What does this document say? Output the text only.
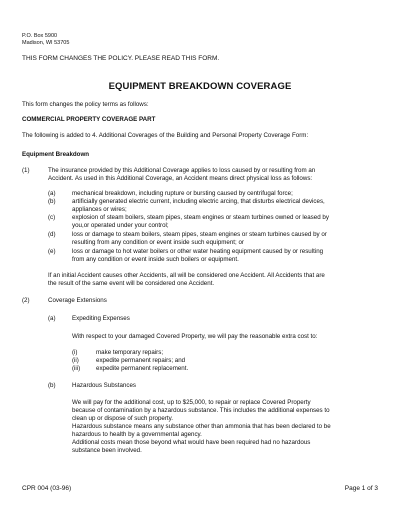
P.O. Box 5900
Madison, WI 53705
THIS FORM CHANGES THE POLICY. PLEASE READ THIS FORM.
EQUIPMENT BREAKDOWN COVERAGE
This form changes the policy terms as follows:
COMMERCIAL PROPERTY COVERAGE PART
The following is added to 4. Additional Coverages of the Building and Personal Property Coverage Form:
Equipment Breakdown
(1)	The insurance provided by this Additional Coverage applies to loss caused by or resulting from an
Accident. As used in this Additional Coverage, an Accident means direct physical loss as follows:
(a)	mechanical breakdown, including rupture or bursting caused by centrifugal force;
(b)	artificially generated electric current, including electric arcing, that disturbs electrical devices,
appliances or wires;
(c)	explosion of steam boilers, steam pipes, steam engines or steam turbines owned or leased by
you,or operated under your control;
(d)	loss or damage to steam boilers, steam pipes, steam engines or steam turbines caused by or
resulting from any condition or event inside such equipment; or
(e)	loss or damage to hot water boilers or other water heating equipment caused by or resulting
from any condition or event inside such boilers or equipment.
If an initial Accident causes other Accidents, all will be considered one Accident. All Accidents that are
the result of the same event will be considered one Accident.
(2)	Coverage Extensions
(a)	Expediting Expenses
With respect to your damaged Covered Property, we will pay the reasonable extra cost to:
(i)	make temporary repairs;
(ii)	expedite permanent repairs; and
(iii)	expedite permanent replacement.
(b)	Hazardous Substances
We will pay for the additional cost, up to $25,000, to repair or replace Covered Property
because of contamination by a hazardous substance. This includes the additional expenses to
clean up or dispose of such property.
Hazardous substance means any substance other than ammonia that has been declared to be
hazardous to health by a governmental agency.
Additional costs mean those beyond what would have been required had no hazardous
substance been involved.
CPR 004 (03-96)	Page 1 of 3
